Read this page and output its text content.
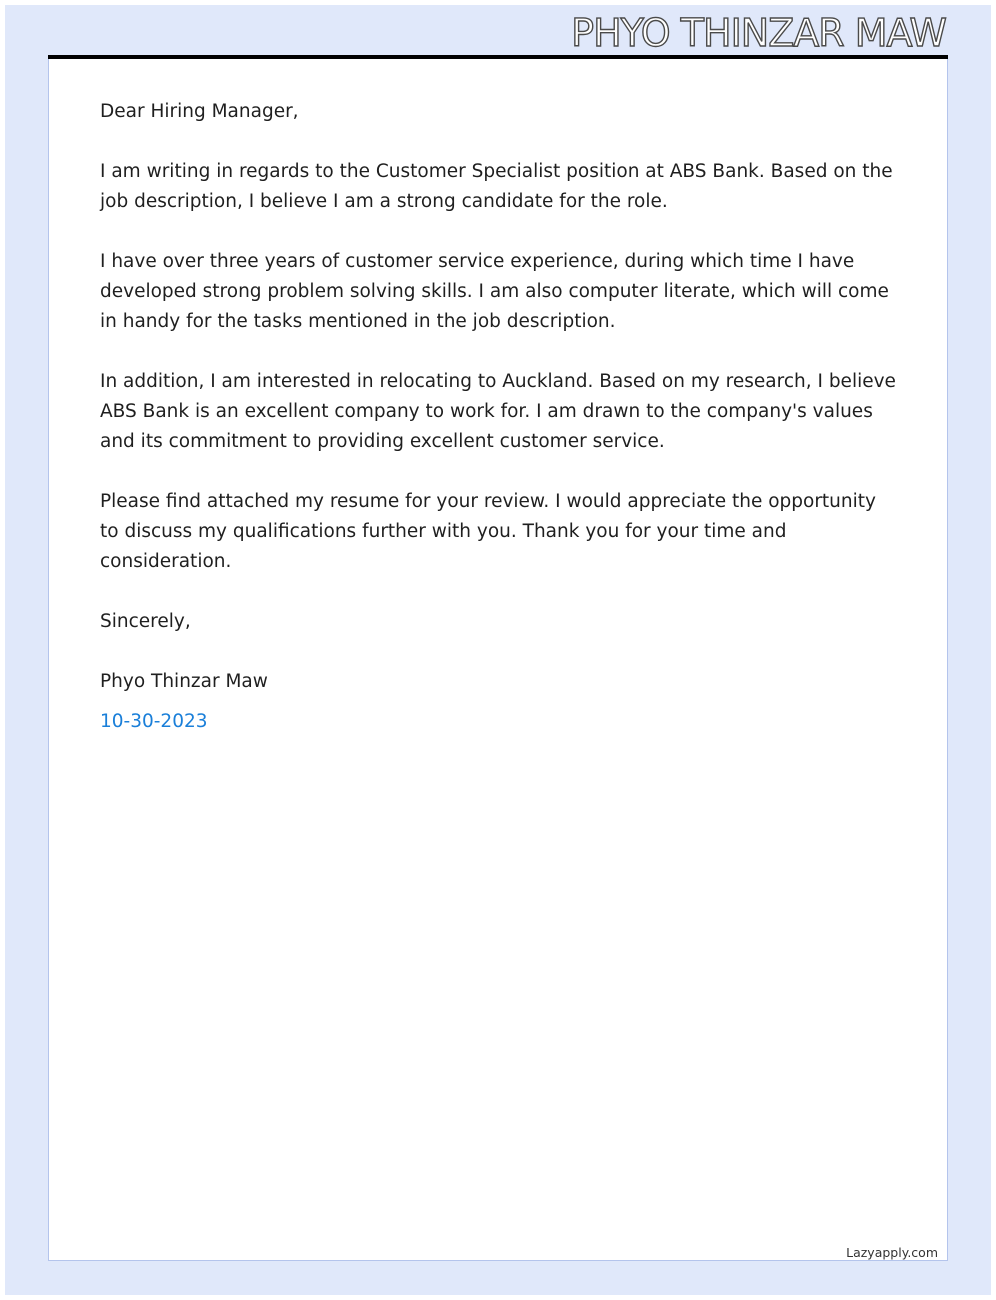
PHYO THINZAR MAW

Dear Hiring Manager,

I am writing in regards to the Customer Specialist position at ABS Bank. Based on the job description, I believe I am a strong candidate for the role.

I have over three years of customer service experience, during which time I have developed strong problem solving skills. I am also computer literate, which will come in handy for the tasks mentioned in the job description.

In addition, I am interested in relocating to Auckland. Based on my research, I believe ABS Bank is an excellent company to work for. I am drawn to the company's values and its commitment to providing excellent customer service.

Please find attached my resume for your review. I would appreciate the opportunity to discuss my qualifications further with you. Thank you for your time and consideration.

Sincerely,

Phyo Thinzar Maw

10-30-2023

Lazyapply.com
